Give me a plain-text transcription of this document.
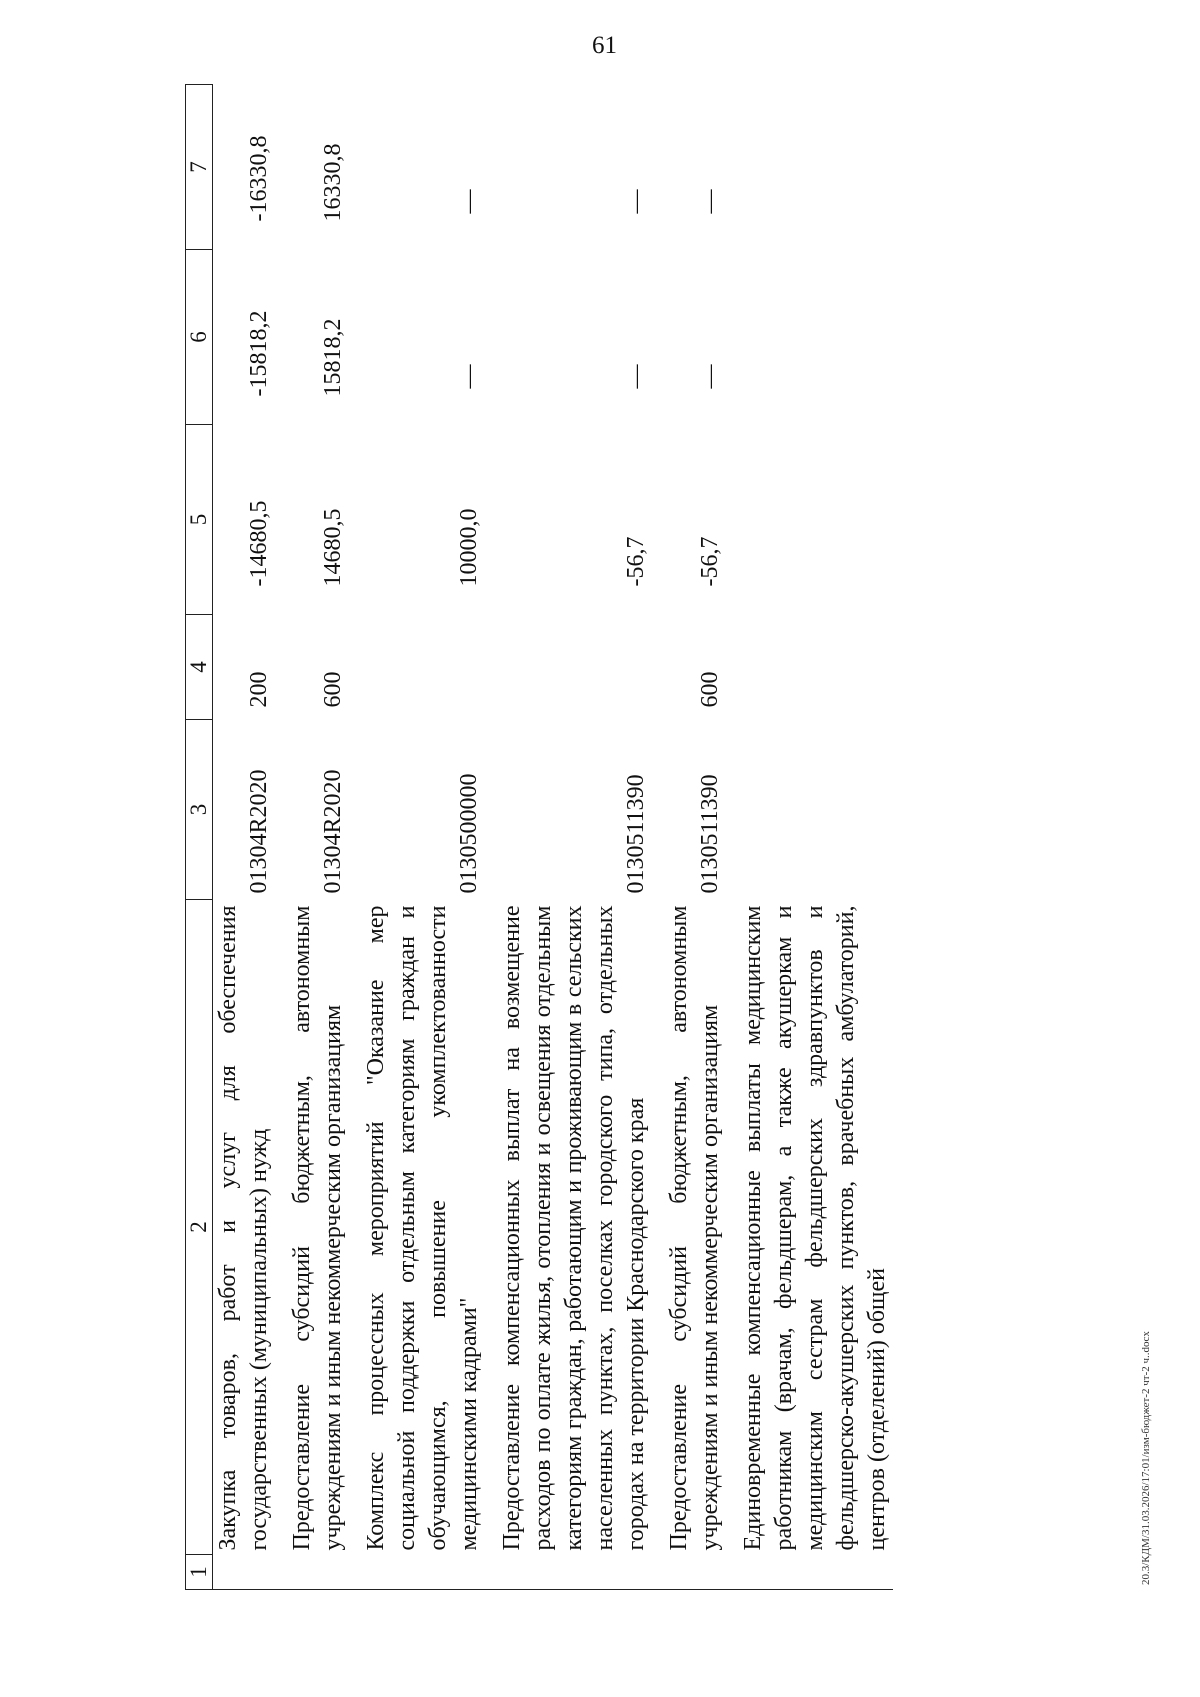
61
20.3/КДМ/31.03.2026/17:01/изм-бюджет-2 чт-2 ч..docx
1	2	3	4	5	6	7
	Закупка товаров, работ и услуг для обеспечения государственных (муниципальных) нужд	01304R2020	200	-14680,5	-15818,2	-16330,8

	Предоставление субсидий бюджетным, автономным учреждениям и иным некоммерческим организациям	01304R2020	600	14680,5	15818,2	16330,8

	Комплекс процессных мероприятий "Оказание мер социальной поддержки отдельным категориям граждан и обучающимся, повышение укомплектованности медицинскими кадрами"	0130500000		10000,0	—	—

	Предоставление компенсационных выплат на возмещение расходов по оплате жилья, отопления и освещения отдельным категориям граждан, работающим и проживающим в сельских населенных пунктах, поселках городского типа, отдельных городах на территории Краснодарского края	0130511390		-56,7	—	—

	Предоставление субсидий бюджетным, автономным учреждениям и иным некоммерческим организациям	0130511390	600	-56,7	—	—

	Единовременные компенсационные выплаты медицинским работникам (врачам, фельдшерам, а также акушеркам и медицинским сестрам фельдшерских здравпунктов и фельдшерско-акушерских пунктов, врачебных амбулаторий, центров (отделений) общей					
